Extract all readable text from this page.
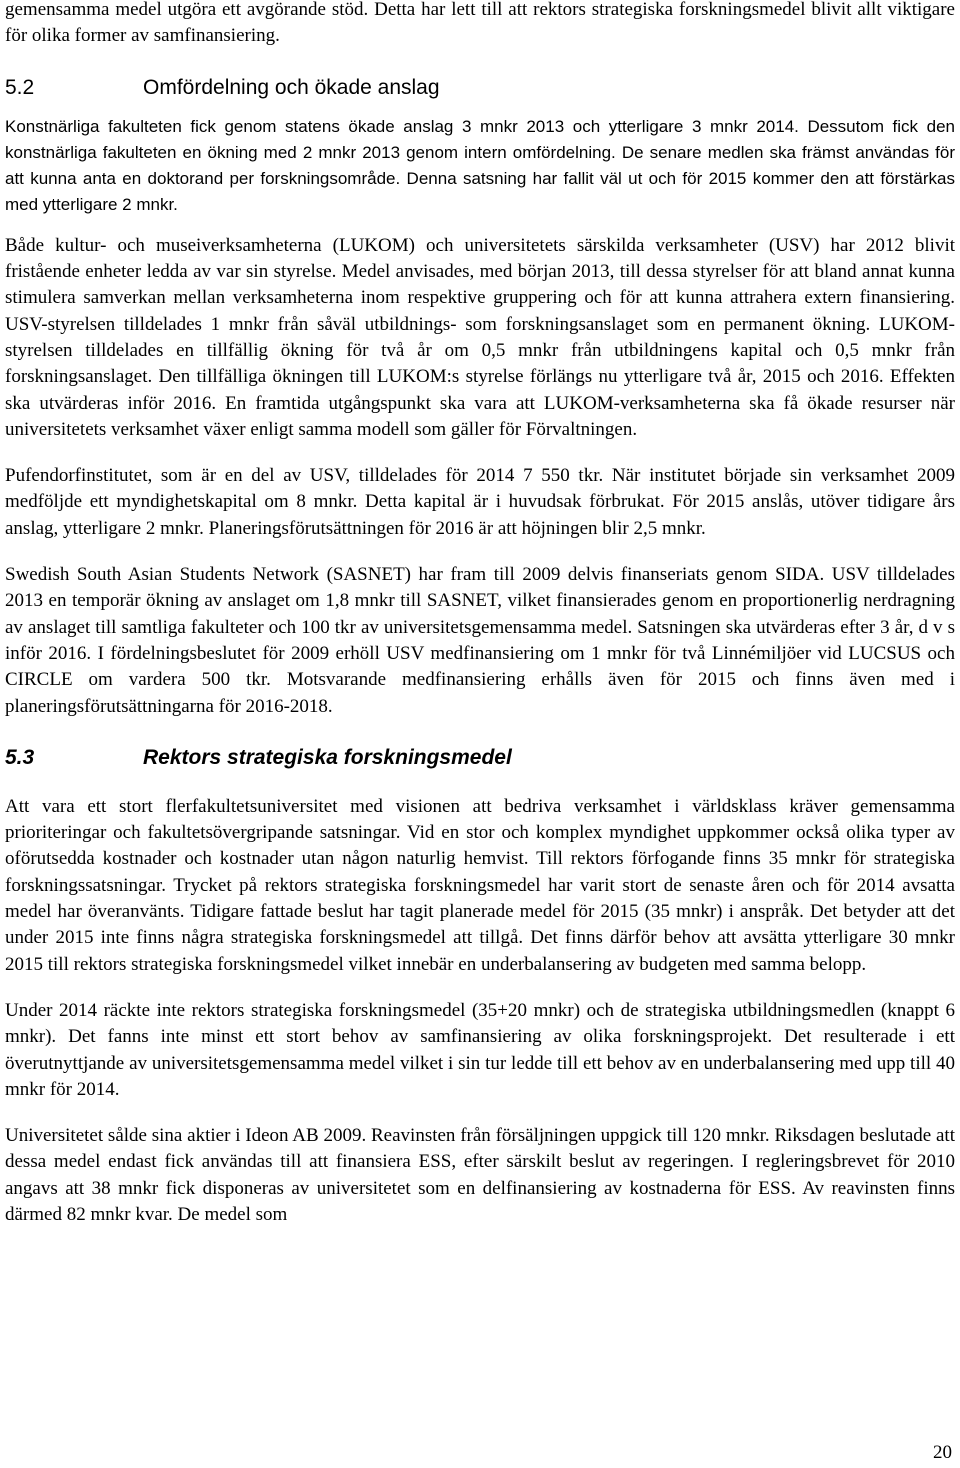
gemensamma medel utgöra ett avgörande stöd. Detta har lett till att rektors strategiska forskningsmedel blivit allt viktigare för olika former av samfinansiering.

5.2	Omfördelning och ökade anslag

Konstnärliga fakulteten fick genom statens ökade anslag 3 mnkr 2013 och ytterligare 3 mnkr 2014. Dessutom fick den konstnärliga fakulteten en ökning med 2 mnkr 2013 genom intern omfördelning. De senare medlen ska främst användas för att kunna anta en doktorand per forskningsområde. Denna satsning har fallit väl ut och för 2015 kommer den att förstärkas med ytterligare 2 mnkr.

Både kultur- och museiverksamheterna (LUKOM) och universitetets särskilda verksamheter (USV) har 2012 blivit fristående enheter ledda av var sin styrelse. Medel anvisades, med början 2013, till dessa styrelser för att bland annat kunna stimulera samverkan mellan verksamheterna inom respektive gruppering och för att kunna attrahera extern finansiering. USV-styrelsen tilldelades 1 mnkr från såväl utbildnings- som forskningsanslaget som en permanent ökning. LUKOM-styrelsen tilldelades en tillfällig ökning för två år om 0,5 mnkr från utbildningens kapital och 0,5 mnkr från forskningsanslaget. Den tillfälliga ökningen till LUKOM:s styrelse förlängs nu ytterligare två år, 2015 och 2016. Effekten ska utvärderas inför 2016. En framtida utgångspunkt ska vara att LUKOM-verksamheterna ska få ökade resurser när universitetets verksamhet växer enligt samma modell som gäller för Förvaltningen.

Pufendorfinstitutet, som är en del av USV, tilldelades för 2014 7 550 tkr. När institutet började sin verksamhet 2009 medföljde ett myndighetskapital om 8 mnkr. Detta kapital är i huvudsak förbrukat. För 2015 anslås, utöver tidigare års anslag, ytterligare 2 mnkr. Planeringsförutsättningen för 2016 är att höjningen blir 2,5 mnkr.

Swedish South Asian Students Network (SASNET) har fram till 2009 delvis finanseriats genom SIDA. USV tilldelades 2013 en temporär ökning av anslaget om 1,8 mnkr till SASNET, vilket finansierades genom en proportionerlig nerdragning av anslaget till samtliga fakulteter och 100 tkr av universitetsgemensamma medel. Satsningen ska utvärderas efter 3 år, d v s inför 2016. I fördelningsbeslutet för 2009 erhöll USV medfinansiering om 1 mnkr för två Linnémiljöer vid LUCSUS och CIRCLE om vardera 500 tkr. Motsvarande medfinansiering erhålls även för 2015 och finns även med i planeringsförutsättningarna för 2016-2018.

5.3	Rektors strategiska forskningsmedel

Att vara ett stort flerfakultetsuniversitet med visionen att bedriva verksamhet i världsklass kräver gemensamma prioriteringar och fakultetsövergripande satsningar. Vid en stor och komplex myndighet uppkommer också olika typer av oförutsedda kostnader och kostnader utan någon naturlig hemvist. Till rektors förfogande finns 35 mnkr för strategiska forskningssatsningar. Trycket på rektors strategiska forskningsmedel har varit stort de senaste åren och för 2014 avsatta medel har överanvänts. Tidigare fattade beslut har tagit planerade medel för 2015 (35 mnkr) i anspråk. Det betyder att det under 2015 inte finns några strategiska forskningsmedel att tillgå. Det finns därför behov att avsätta ytterligare 30 mnkr 2015 till rektors strategiska forskningsmedel vilket innebär en underbalansering av budgeten med samma belopp.

Under 2014 räckte inte rektors strategiska forskningsmedel (35+20 mnkr) och de strategiska utbildningsmedlen (knappt 6 mnkr). Det fanns inte minst ett stort behov av samfinansiering av olika forskningsprojekt. Det resulterade i ett överutnyttjande av universitetsgemensamma medel vilket i sin tur ledde till ett behov av en underbalansering med upp till 40 mnkr för 2014.

Universitetet sålde sina aktier i Ideon AB 2009. Reavinsten från försäljningen uppgick till 120 mnkr. Riksdagen beslutade att dessa medel endast fick användas till att finansiera ESS, efter särskilt beslut av regeringen. I regleringsbrevet för 2010 angavs att 38 mnkr fick disponeras av universitetet som en delfinansiering av kostnaderna för ESS. Av reavinsten finns därmed 82 mnkr kvar. De medel som

20
